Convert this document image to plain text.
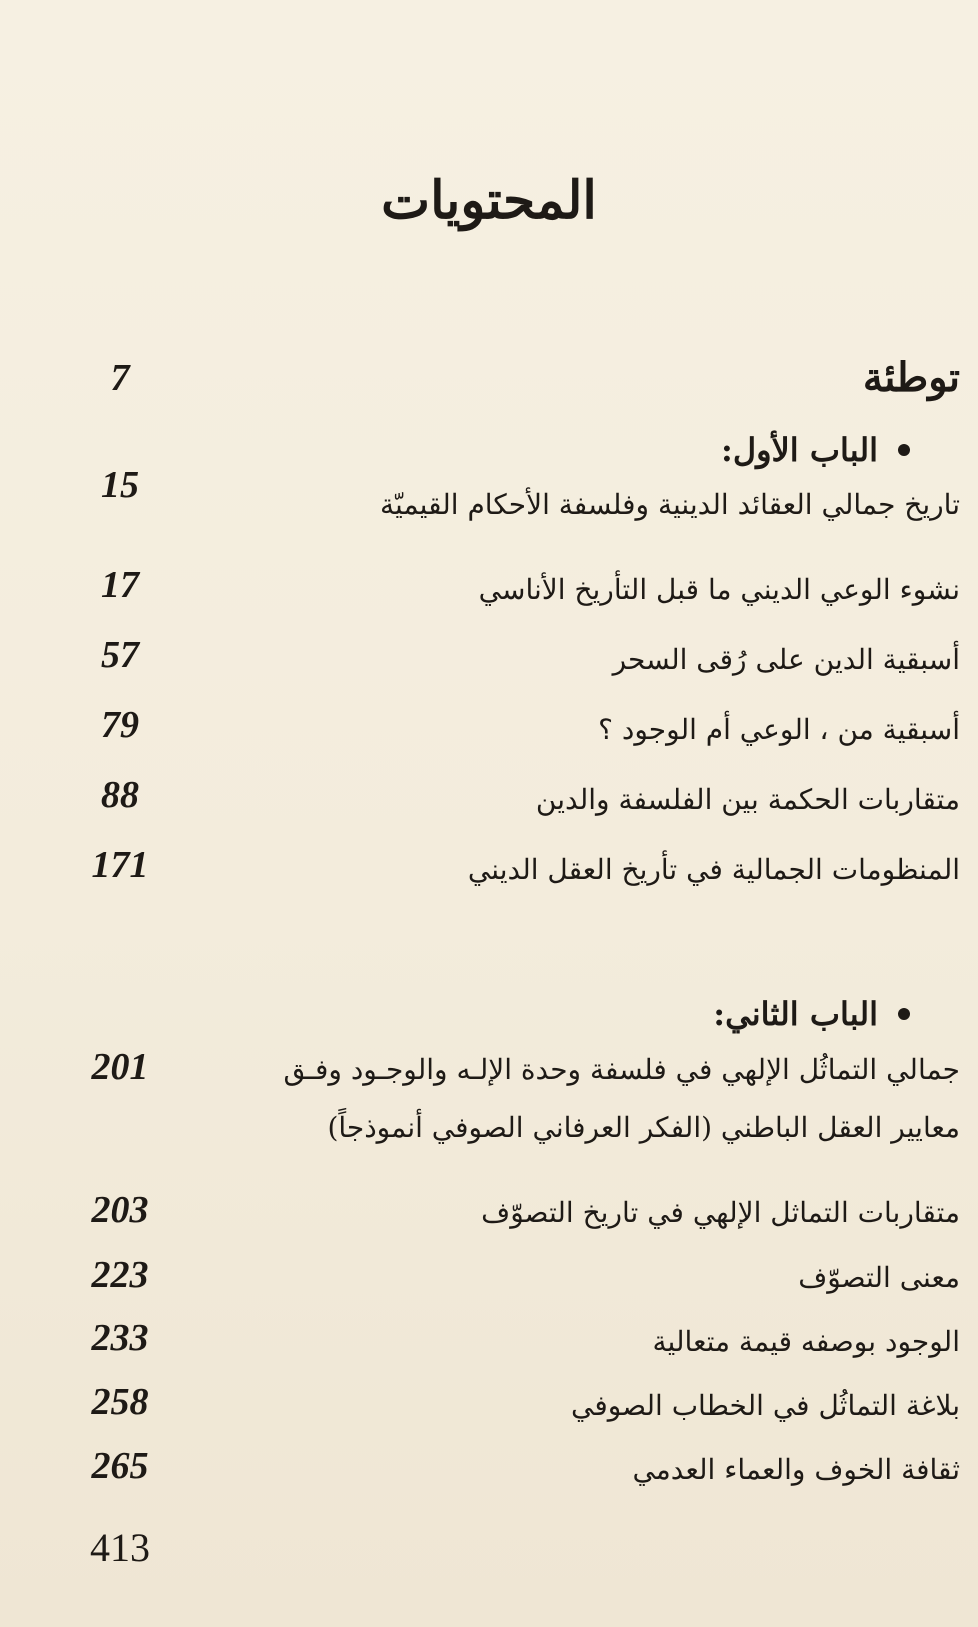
المحتويات
توطئة
7
الباب الأول:
تاريخ جمالي العقائد الدينية وفلسفة الأحكام القيميّة
15
نشوء الوعي الديني ما قبل التأريخ الأناسي
17
أسبقية الدين على رُقى السحر
57
أسبقية من ، الوعي أم الوجود ؟
79
متقاربات الحكمة بين الفلسفة والدين
88
المنظومات الجمالية في تأريخ العقل الديني
171
الباب الثاني:
جمالي التماثُل الإلهي في فلسفة وحدة الإلـه والوجـود وفـق
معايير العقل الباطني (الفكر العرفاني الصوفي أنموذجاً)
201
متقاربات التماثل الإلهي في تاريخ التصوّف
203
معنى التصوّف
223
الوجود بوصفه قيمة متعالية
233
بلاغة التماثُل في الخطاب الصوفي
258
ثقافة الخوف والعماء العدمي
265
413
